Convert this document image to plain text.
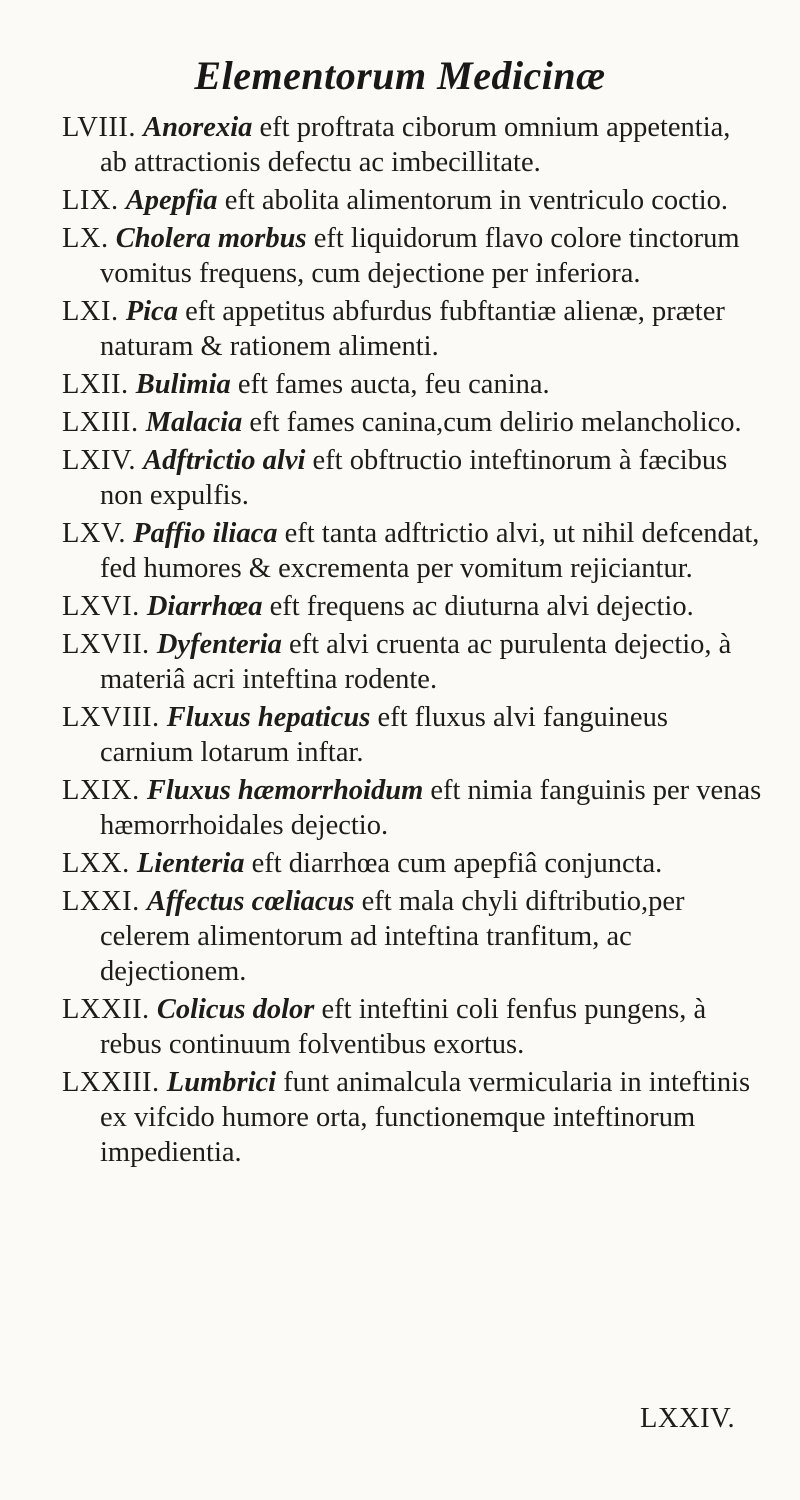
Elementorum Medicinæ

LVIII. Anorexia eft proftrata ciborum omnium appetentia, ab attractionis defectu ac imbecillitate.

LIX. Apepfia eft abolita alimentorum in ventriculo coctio.

LX. Cholera morbus eft liquidorum flavo colore tinctorum vomitus frequens, cum dejectione per inferiora.

LXI. Pica eft appetitus abfurdus fubftantiæ alienæ, præter naturam & rationem alimenti.

LXII. Bulimia eft fames aucta, feu canina.

LXIII. Malacia eft fames canina,cum delirio melancholico.

LXIV. Adftrictio alvi eft obftructio inteftinorum à fæcibus non expulfis.

LXV. Paffio iliaca eft tanta adftrictio alvi, ut nihil defcendat, fed humores & excrementa per vomitum rejiciantur.

LXVI. Diarrhœa eft frequens ac diuturna alvi dejectio.

LXVII. Dyfenteria eft alvi cruenta ac purulenta dejectio, à materiâ acri inteftina rodente.

LXVIII. Fluxus hepaticus eft fluxus alvi fanguineus carnium lotarum inftar.

LXIX. Fluxus hæmorrhoidum eft nimia fanguinis per venas hæmorrhoidales dejectio.

LXX. Lienteria eft diarrhœa cum apepfiâ conjuncta.

LXXI. Affectus cœliacus eft mala chyli diftributio,per celerem alimentorum ad inteftina tranfitum, ac dejectionem.

LXXII. Colicus dolor eft inteftini coli fenfus pungens, à rebus continuum folventibus exortus.

LXXIII. Lumbrici funt animalcula vermicularia in inteftinis ex vifcido humore orta, functionemque inteftinorum impedientia.

LXXIV.
